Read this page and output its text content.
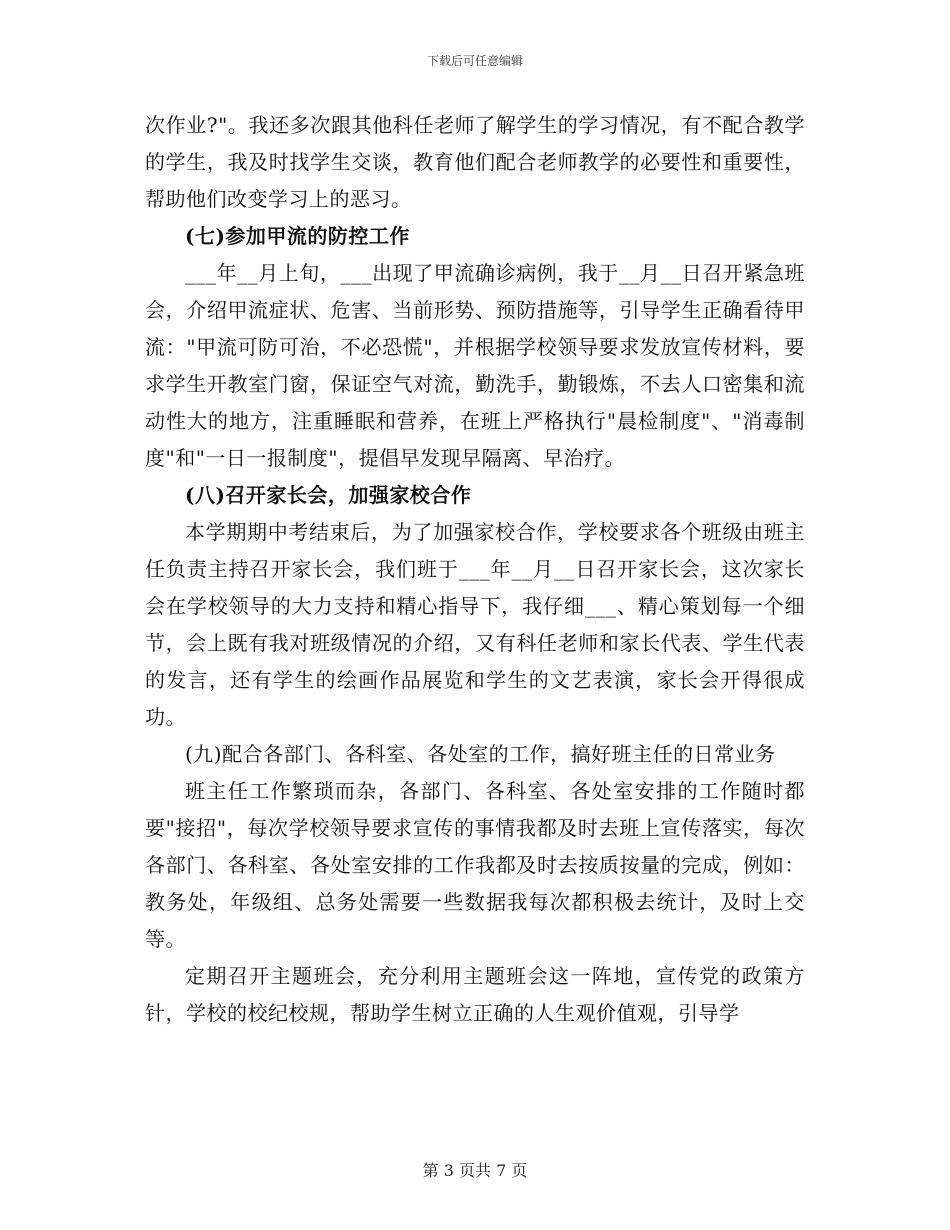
下载后可任意编辑

次作业?"。我还多次跟其他科任老师了解学生的学习情况，有不配合教学的学生，我及时找学生交谈，教育他们配合老师教学的必要性和重要性，帮助他们改变学习上的恶习。

(七)参加甲流的防控工作

___年__月上旬，___出现了甲流确诊病例，我于__月__日召开紧急班会，介绍甲流症状、危害、当前形势、预防措施等，引导学生正确看待甲流："甲流可防可治，不必恐慌"，并根据学校领导要求发放宣传材料，要求学生开教室门窗，保证空气对流，勤洗手，勤锻炼，不去人口密集和流动性大的地方，注重睡眠和营养，在班上严格执行"晨检制度"、"消毒制度"和"一日一报制度"，提倡早发现早隔离、早治疗。

(八)召开家长会，加强家校合作

本学期期中考结束后，为了加强家校合作，学校要求各个班级由班主任负责主持召开家长会，我们班于___年__月__日召开家长会，这次家长会在学校领导的大力支持和精心指导下，我仔细___、精心策划每一个细节，会上既有我对班级情况的介绍，又有科任老师和家长代表、学生代表的发言，还有学生的绘画作品展览和学生的文艺表演，家长会开得很成功。

(九)配合各部门、各科室、各处室的工作，搞好班主任的日常业务

班主任工作繁琐而杂，各部门、各科室、各处室安排的工作随时都要"接招"，每次学校领导要求宣传的事情我都及时去班上宣传落实，每次各部门、各科室、各处室安排的工作我都及时去按质按量的完成，例如：教务处，年级组、总务处需要一些数据我每次都积极去统计，及时上交等。

定期召开主题班会，充分利用主题班会这一阵地，宣传党的政策方针，学校的校纪校规，帮助学生树立正确的人生观价值观，引导学

第 3 页共 7 页
